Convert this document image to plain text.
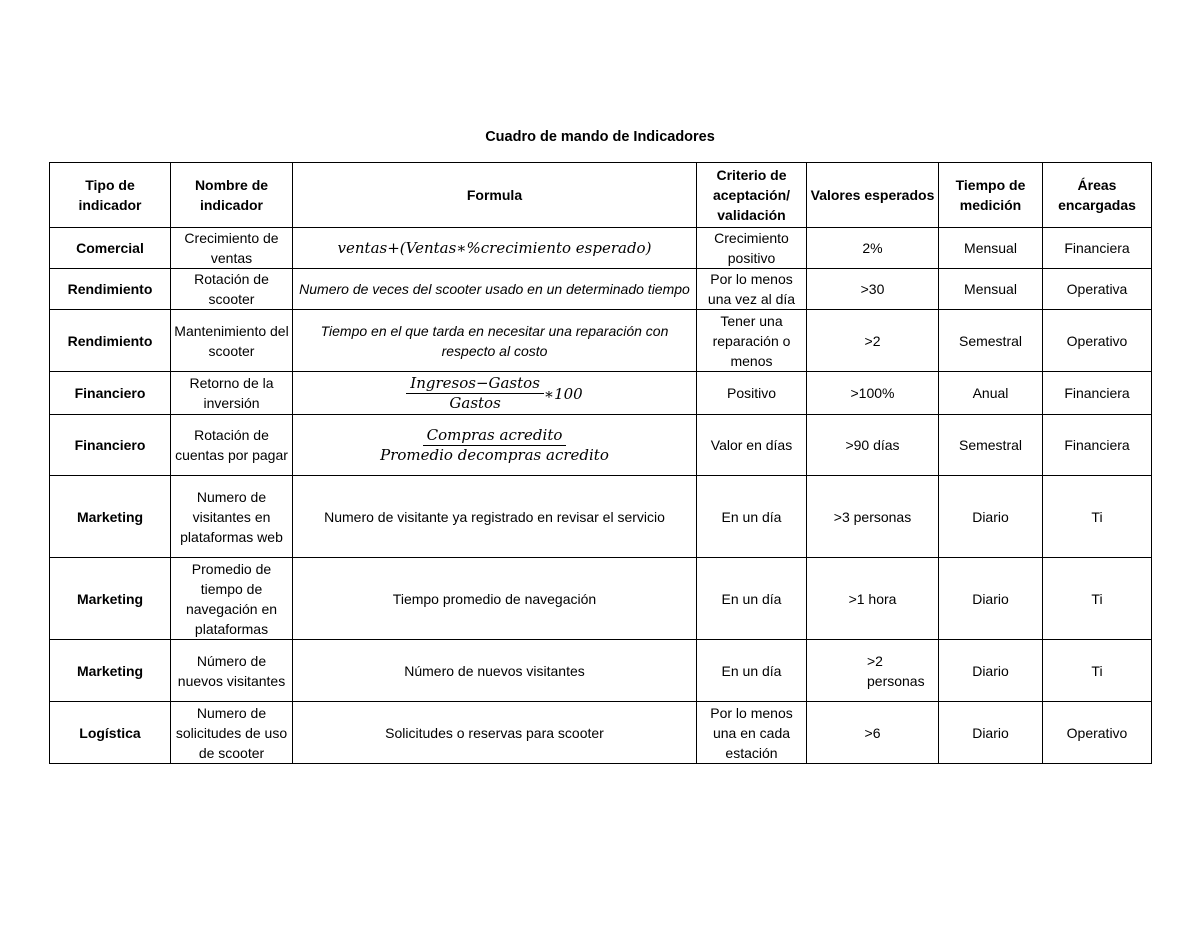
Cuadro de mando de Indicadores
Tipo de indicador	Nombre de indicador	Formula	Criterio de aceptación/ validación	Valores esperados	Tiempo de medición	Áreas encargadas
Comercial	Crecimiento de ventas	ventas+(Ventas∗%crecimiento esperado)	Crecimiento positivo	2%	Mensual	Financiera
Rendimiento	Rotación de scooter	Numero de veces del scooter usado en un determinado tiempo	Por lo menos una vez al día	>30	Mensual	Operativa
Rendimiento	Mantenimiento del scooter	Tiempo en el que tarda en necesitar una reparación con respecto al costo	Tener una reparación o menos	>2	Semestral	Operativo
Financiero	Retorno de la inversión	$\frac{\text{Ingresos−Gastos}}{\text{Gastos}}$ ∗100	Positivo	>100%	Anual	Financiera
Financiero	Rotación de cuentas por pagar	$\frac{\text{Compras acredito}}{\text{Promedio decompras acredito}}$	Valor en días	>90 días	Semestral	Financiera
Marketing	Numero de visitantes en plataformas web	Numero de visitante ya registrado en revisar el servicio	En un día	>3 personas	Diario	Ti
Marketing	Promedio de tiempo de navegación en plataformas	Tiempo promedio de navegación	En un día	>1 hora	Diario	Ti
Marketing	Número de nuevos visitantes	Número de nuevos visitantes	En un día	>2 personas	Diario	Ti
Logística	Numero de solicitudes de uso de scooter	Solicitudes o reservas para scooter	Por lo menos una en cada estación	>6	Diario	Operativo
